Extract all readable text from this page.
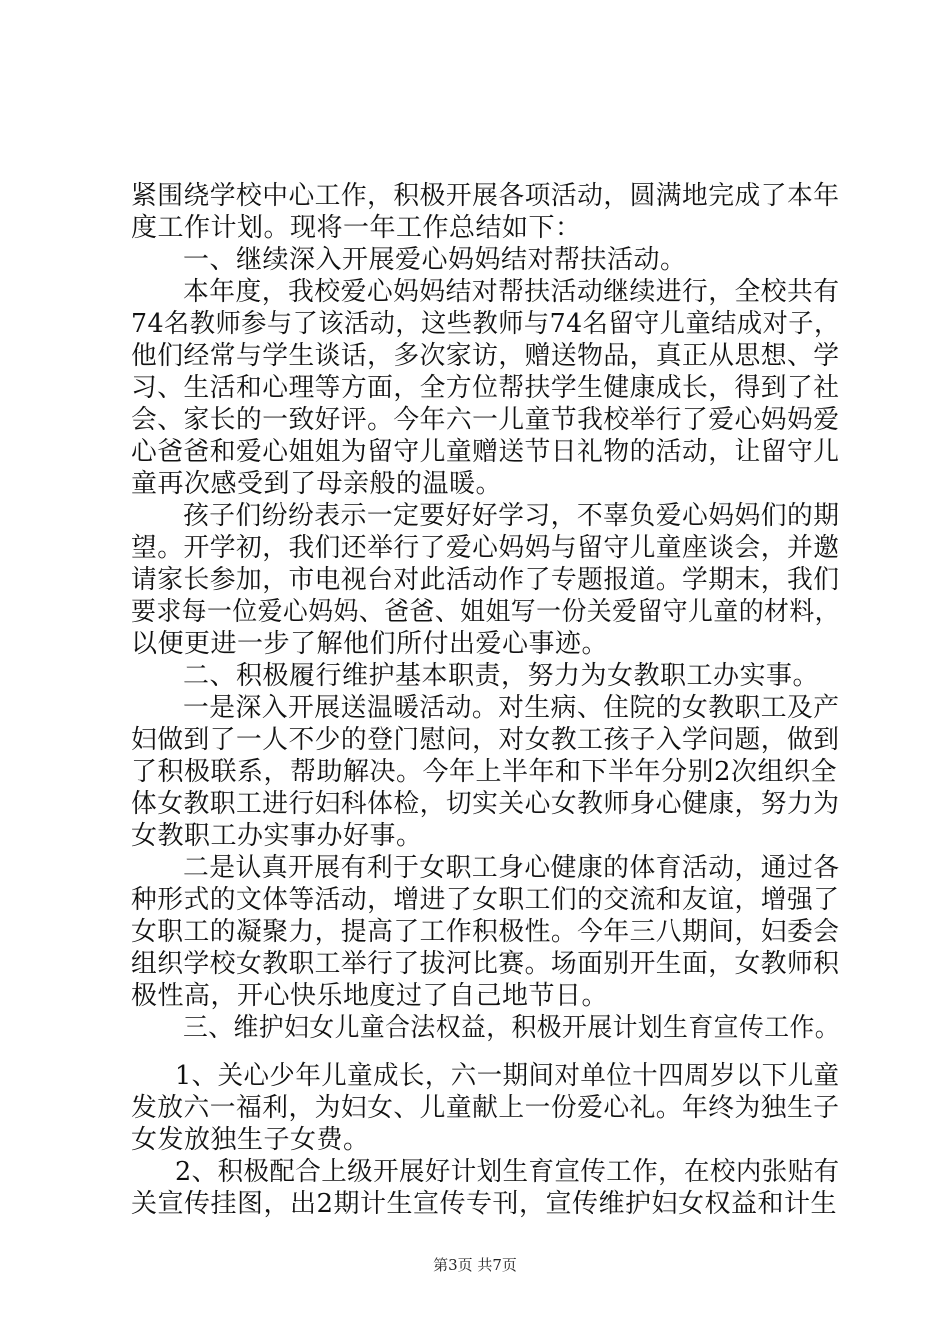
紧围绕学校中心工作，积极开展各项活动，圆满地完成了本年
度工作计划。现将一年工作总结如下：
一、继续深入开展爱心妈妈结对帮扶活动。
本年度，我校爱心妈妈结对帮扶活动继续进行，全校共有
74名教师参与了该活动，这些教师与74名留守儿童结成对子，
他们经常与学生谈话，多次家访，赠送物品，真正从思想、学
习、生活和心理等方面，全方位帮扶学生健康成长，得到了社
会、家长的一致好评。今年六一儿童节我校举行了爱心妈妈爱
心爸爸和爱心姐姐为留守儿童赠送节日礼物的活动，让留守儿
童再次感受到了母亲般的温暖。
孩子们纷纷表示一定要好好学习，不辜负爱心妈妈们的期
望。开学初，我们还举行了爱心妈妈与留守儿童座谈会，并邀
请家长参加，市电视台对此活动作了专题报道。学期末，我们
要求每一位爱心妈妈、爸爸、姐姐写一份关爱留守儿童的材料，
以便更进一步了解他们所付出爱心事迹。
二、积极履行维护基本职责，努力为女教职工办实事。
一是深入开展送温暖活动。对生病、住院的女教职工及产
妇做到了一人不少的登门慰问，对女教工孩子入学问题，做到
了积极联系，帮助解决。今年上半年和下半年分别2次组织全
体女教职工进行妇科体检，切实关心女教师身心健康，努力为
女教职工办实事办好事。
二是认真开展有利于女职工身心健康的体育活动，通过各
种形式的文体等活动，增进了女职工们的交流和友谊，增强了
女职工的凝聚力，提高了工作积极性。今年三八期间，妇委会
组织学校女教职工举行了拔河比赛。场面别开生面，女教师积
极性高，开心快乐地度过了自己地节日。
三、维护妇女儿童合法权益，积极开展计划生育宣传工作。
1、关心少年儿童成长，六一期间对单位十四周岁以下儿童
发放六一福利，为妇女、儿童献上一份爱心礼。年终为独生子
女发放独生子女费。
2、积极配合上级开展好计划生育宣传工作，在校内张贴有
关宣传挂图，出2期计生宣传专刊，宣传维护妇女权益和计生
第3页 共7页
